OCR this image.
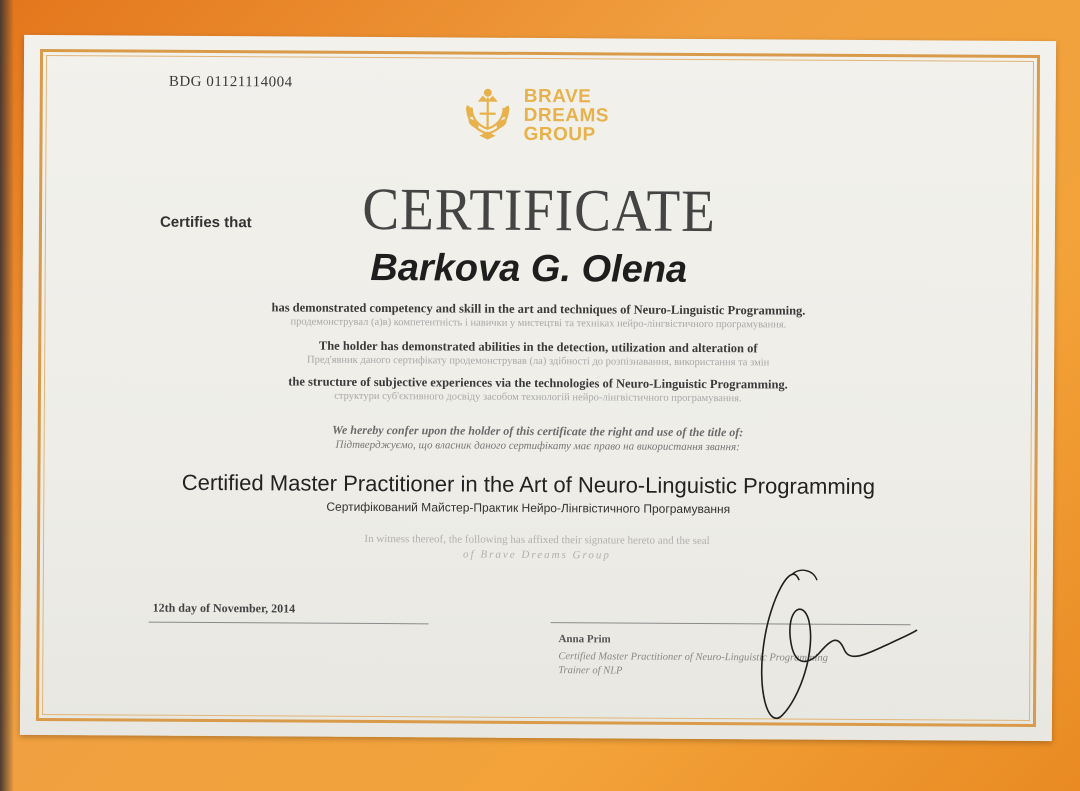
BDG 01121114004
BRAVE
DREAMS
GROUP
Certifies that	CERTIFICATE
Barkova G. Olena
has demonstrated competency and skill in the art and techniques of Neuro-Linguistic Programming.
продемонструвал (а)в) компетентність і навички у мистецтві та техніках нейро-лінгвістичного програмування.
The holder has demonstrated abilities in the detection, utilization and alteration of
Пред'явник даного сертифікату продемонстрував (ла) здібності до розпізнавання, використання та змін
the structure of subjective experiences via the technologies of Neuro-Linguistic Programming.
структури суб'єктивного досвіду засобом технологій нейро-лінгвістичного програмування.
We hereby confer upon the holder of this certificate the right and use of the title of:
Підтверджуємо, що власник даного сертифікату має право на використання звання:
Certified Master Practitioner in the Art of Neuro-Linguistic Programming
Сертифікований Майстер-Практик Нейро-Лінгвістичного Програмування
In witness thereof, the following has affixed their signature hereto and the seal
of Brave Dreams Group
12th day of November, 2014
Anna Prim
Certified Master Practitioner of Neuro-Linguistic Programming
Trainer of NLP
